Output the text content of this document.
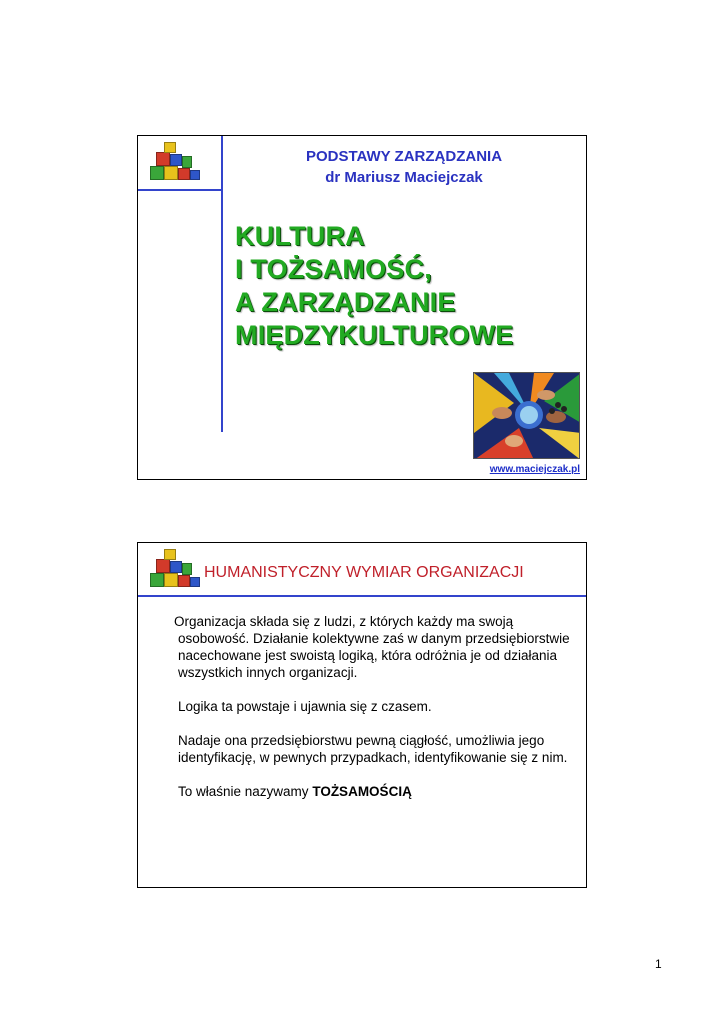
PODSTAWY ZARZĄDZANIA
dr Mariusz Maciejczak
KULTURA
I TOŻSAMOŚĆ,
A ZARZĄDZANIE
MIĘDZYKULTUROWE
www.maciejczak.pl
HUMANISTYCZNY WYMIAR ORGANIZACJI

Organizacja składa się z ludzi, z których każdy ma swoją osobowość. Działanie kolektywne zaś w danym przedsiębiorstwie nacechowane jest swoistą logiką, która odróżnia je od działania wszystkich innych organizacji.

Logika ta powstaje i ujawnia się z czasem.

Nadaje ona przedsiębiorstwu pewną ciągłość, umożliwia jego identyfikację, w pewnych przypadkach, identyfikowanie się z nim.

To właśnie nazywamy TOŻSAMOŚCIĄ

1
